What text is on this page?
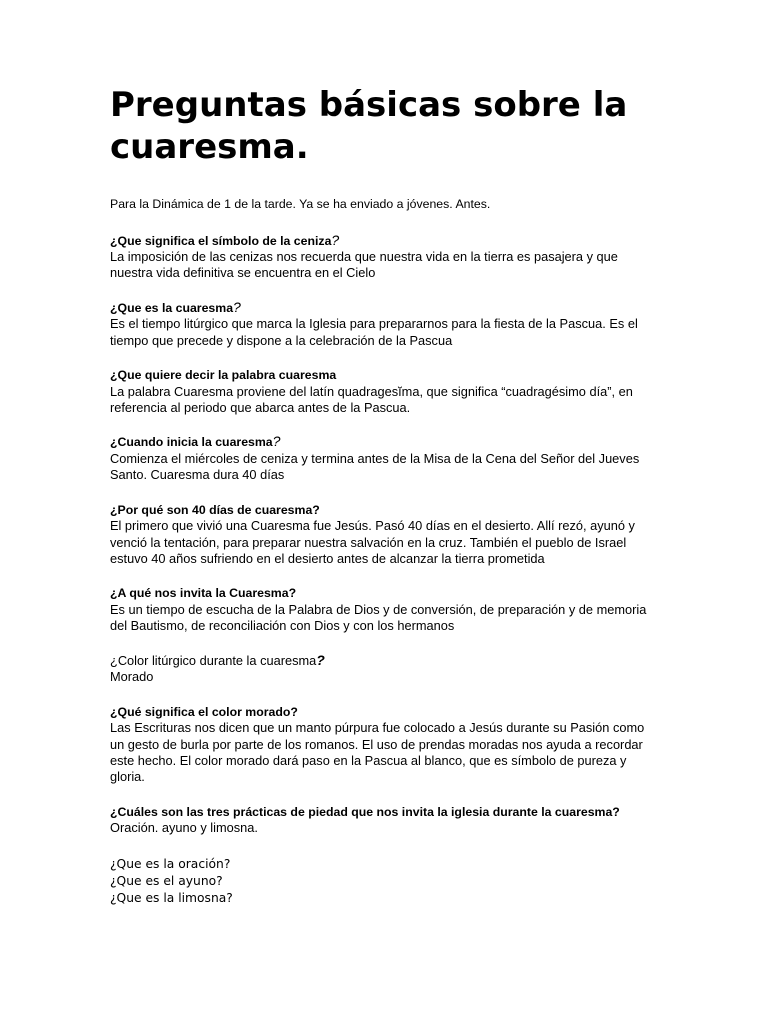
Preguntas básicas sobre la cuaresma.

Para la Dinámica de 1 de la tarde. Ya se ha enviado a jóvenes. Antes.

¿Que significa el símbolo de la ceniza?
La imposición de las cenizas nos recuerda que nuestra vida en la tierra es pasajera y que nuestra vida definitiva se encuentra en el Cielo
¿Que es la cuaresma?
Es el tiempo litúrgico que marca la Iglesia para prepararnos para la fiesta de la Pascua. Es el tiempo que precede y dispone a la celebración de la Pascua
¿Que quiere decir la palabra cuaresma
La palabra Cuaresma proviene del latín quadragesĭma, que significa “cuadragésimo día”, en referencia al periodo que abarca antes de la Pascua.
¿Cuando inicia la cuaresma?
Comienza el miércoles de ceniza y termina antes de la Misa de la Cena del Señor del Jueves Santo. Cuaresma dura 40 días
¿Por qué son 40 días de cuaresma?
El primero que vivió una Cuaresma fue Jesús. Pasó 40 días en el desierto. Allí rezó, ayunó y venció la tentación, para preparar nuestra salvación en la cruz. También el pueblo de Israel estuvo 40 años sufriendo en el desierto antes de alcanzar la tierra prometida
¿A qué nos invita la Cuaresma?
Es un tiempo de escucha de la Palabra de Dios y de conversión, de preparación y de memoria del Bautismo, de reconciliación con Dios y con los hermanos
¿Color litúrgico durante la cuaresma?
Morado
¿Qué significa el color morado?
Las Escrituras nos dicen que un manto púrpura fue colocado a Jesús durante su Pasión como un gesto de burla por parte de los romanos. El uso de prendas moradas nos ayuda a recordar este hecho. El color morado dará paso en la Pascua al blanco, que es símbolo de pureza y gloria.
¿Cuáles son las tres prácticas de piedad que nos invita la iglesia durante la cuaresma?
Oración. ayuno y limosna.
¿Que es la oración?
¿Que es el ayuno?
¿Que es la limosna?
